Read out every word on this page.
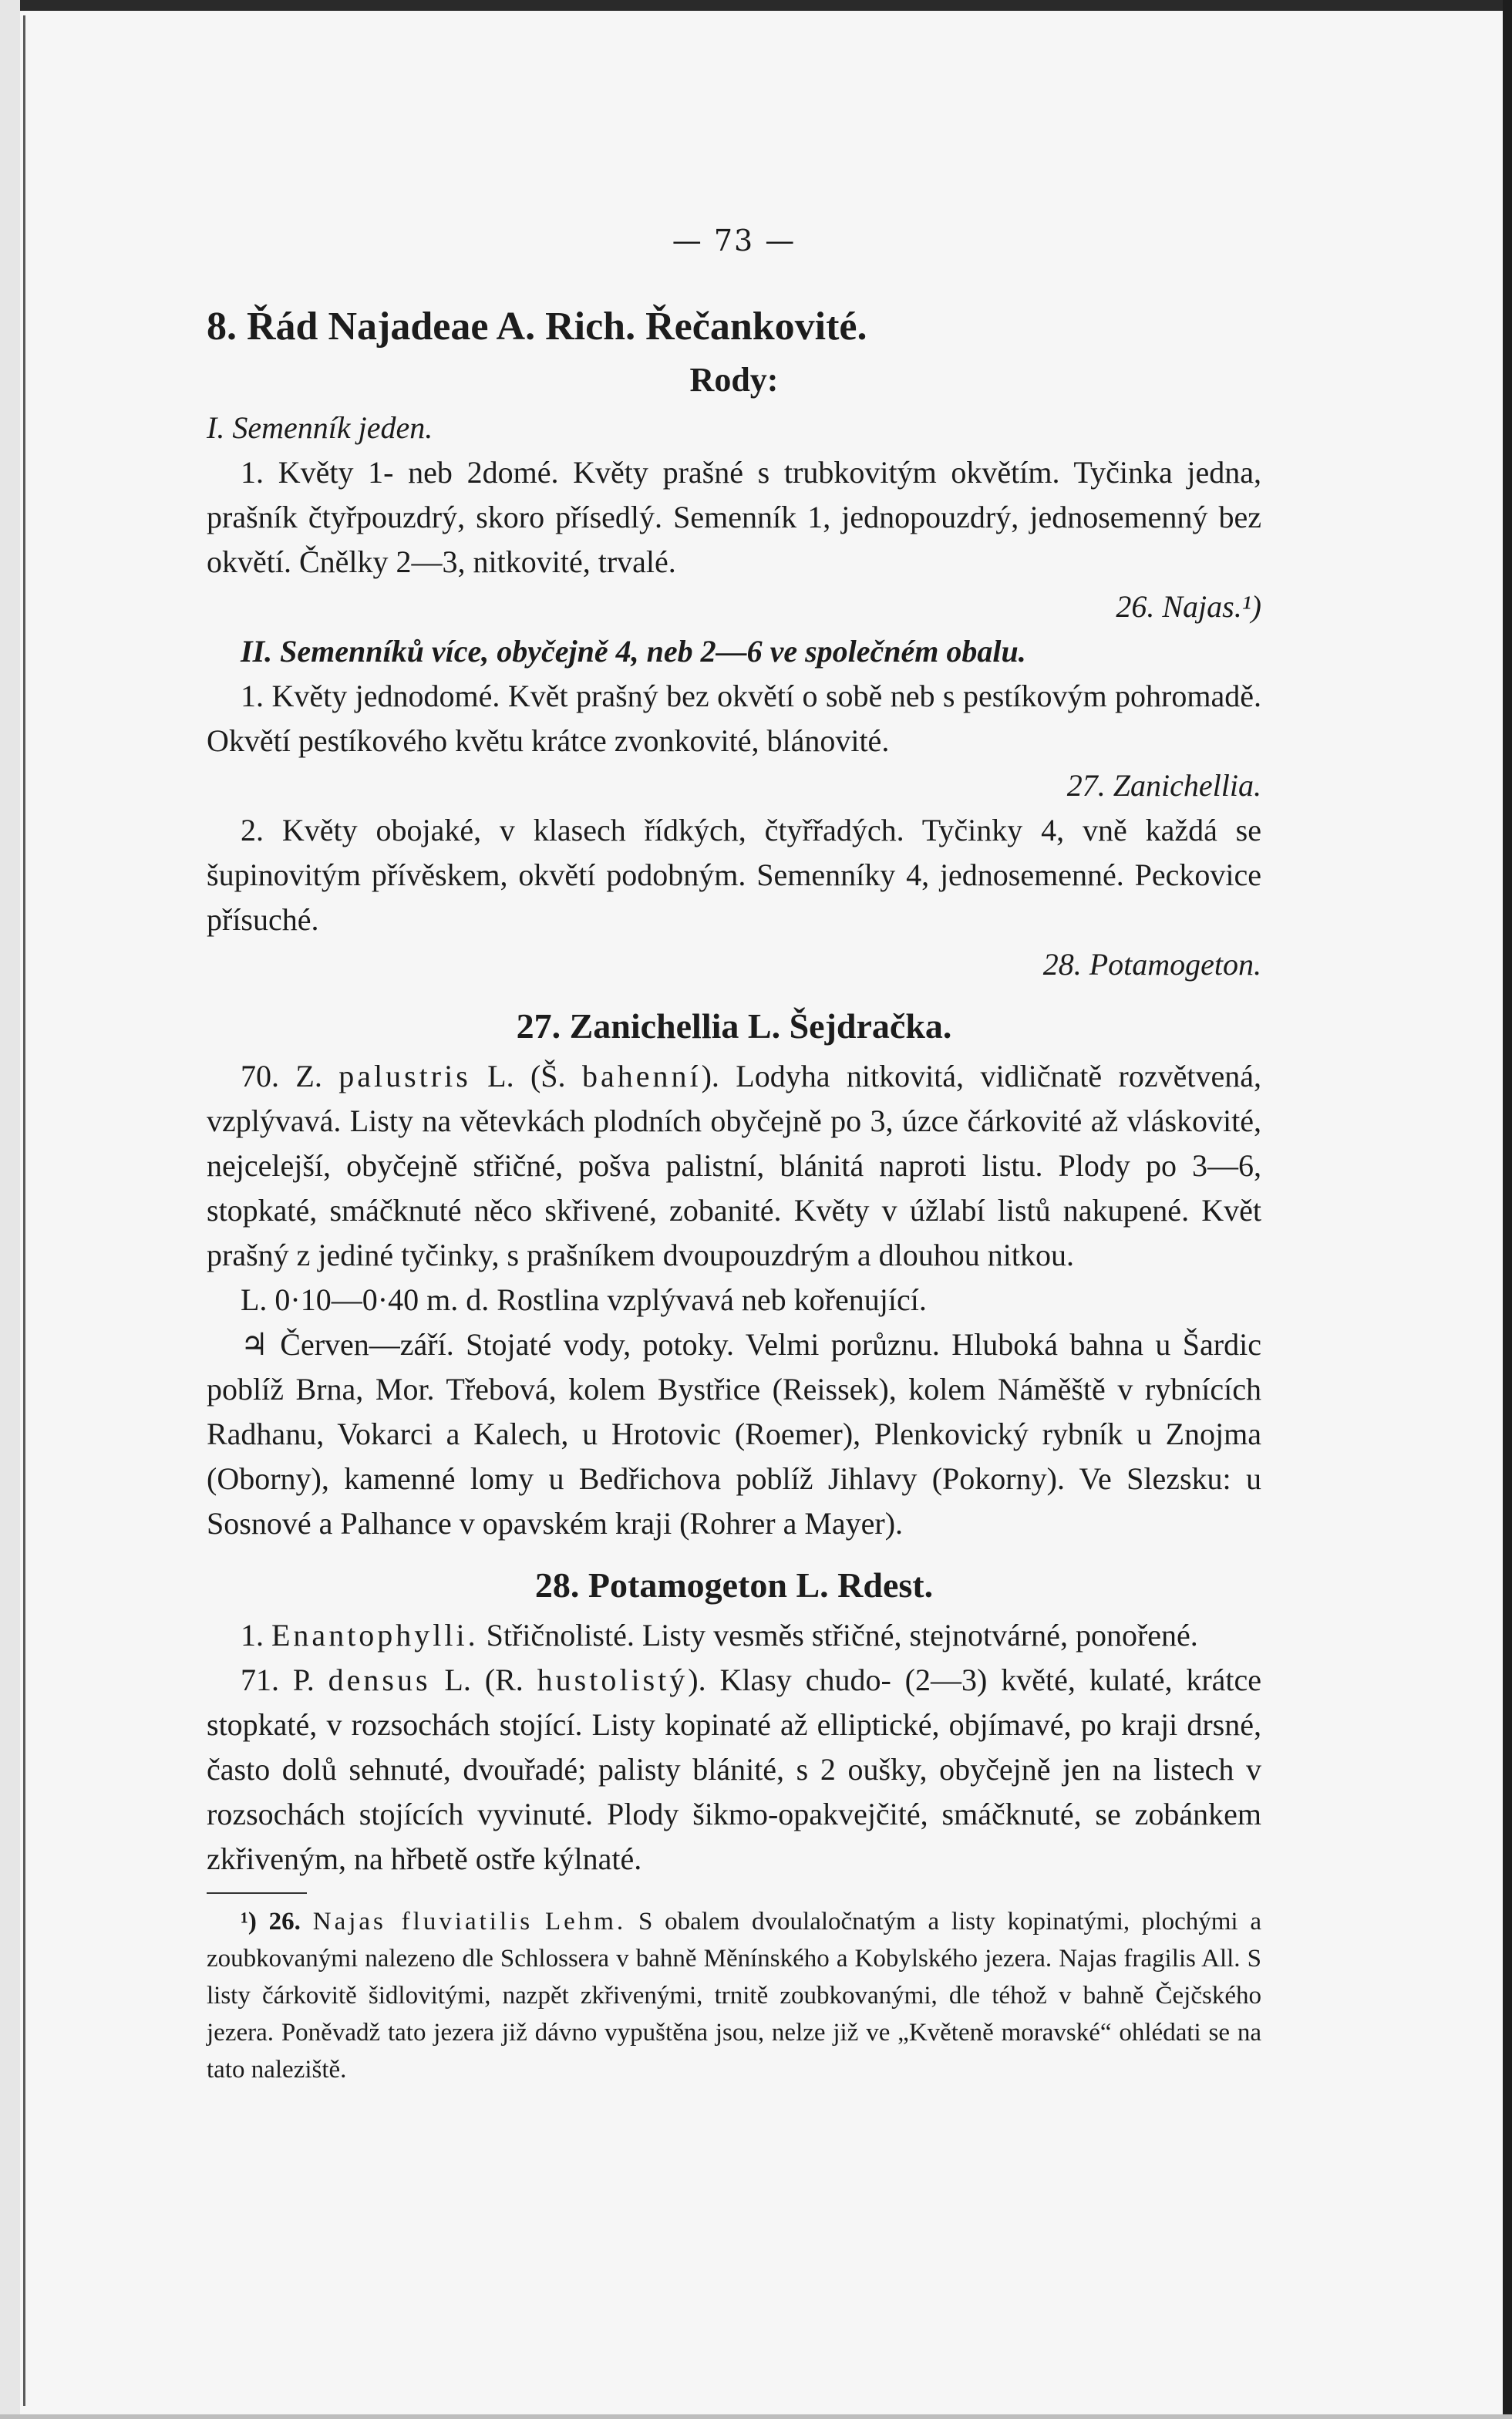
— 73 —
8. Řád Najadeae A. Rich. Řečankovité.
Rody:

I. Semenník jeden.

1. Květy 1- neb 2domé. Květy prašné s trubkovitým okvětím. Tyčinka jedna, prašník čtyřpouzdrý, skoro přísedlý. Semenník 1, jednopouzdrý, jednosemenný bez okvětí. Čnělky 2—3, nitkovité, trvalé.

26. Najas.¹)

II. Semenníků více, obyčejně 4, neb 2—6 ve společném obalu.

1. Květy jednodomé. Květ prašný bez okvětí o sobě neb s pestíkovým pohromadě. Okvětí pestíkového květu krátce zvonkovité, blánovité.

27. Zanichellia.

2. Květy obojaké, v klasech řídkých, čtyřřadých. Tyčinky 4, vně každá se šupinovitým přívěskem, okvětí podobným. Semenníky 4, jednosemenné. Peckovice přísuché.

28. Potamogeton.

27. Zanichellia L. Šejdračka.

70. Z. palustris L. (Š. bahenní). Lodyha nitkovitá, vidličnatě rozvětvená, vzplývavá. Listy na větevkách plodních obyčejně po 3, úzce čárkovité až vláskovité, nejcelejší, obyčejně střičné, pošva palistní, blánitá naproti listu. Plody po 3—6, stopkaté, smáčknuté něco skřivené, zobanité. Květy v úžlabí listů nakupené. Květ prašný z jediné tyčinky, s prašníkem dvoupouzdrým a dlouhou nitkou.

L. 0·10—0·40 m. d. Rostlina vzplývavá neb kořenující.

♃ Červen—září. Stojaté vody, potoky. Velmi porůznu. Hluboká bahna u Šardic poblíž Brna, Mor. Třebová, kolem Bystřice (Reissek), kolem Náměště v rybnících Radhanu, Vokarci a Kalech, u Hrotovic (Roemer), Plenkovický rybník u Znojma (Oborny), kamenné lomy u Bedřichova poblíž Jihlavy (Pokorny). Ve Slezsku: u Sosnové a Palhance v opavském kraji (Rohrer a Mayer).

28. Potamogeton L. Rdest.

1. Enantophylli. Střičnolisté. Listy vesměs střičné, stejnotvárné, ponořené.

71. P. densus L. (R. hustolistý). Klasy chudo- (2—3) květé, kulaté, krátce stopkaté, v rozsochách stojící. Listy kopinaté až elliptické, objímavé, po kraji drsné, často dolů sehnuté, dvouřadé; palisty blánité, s 2 oušky, obyčejně jen na listech v rozsochách stojících vyvinuté. Plody šikmo-opakvejčité, smáčknuté, se zobánkem zkřiveným, na hřbetě ostře kýlnaté.

¹) 26. Najas fluviatilis Lehm. S obalem dvoulaločnatým a listy kopinatými, plochými a zoubkovanými nalezeno dle Schlossera v bahně Měnínského a Kobylského jezera. Najas fragilis All. S listy čárkovitě šidlovitými, nazpět zkřivenými, trnitě zoubkovanými, dle téhož v bahně Čejčského jezera. Poněvadž tato jezera již dávno vypuštěna jsou, nelze již ve „Květeně moravské“ ohlédati se na tato naleziště.
